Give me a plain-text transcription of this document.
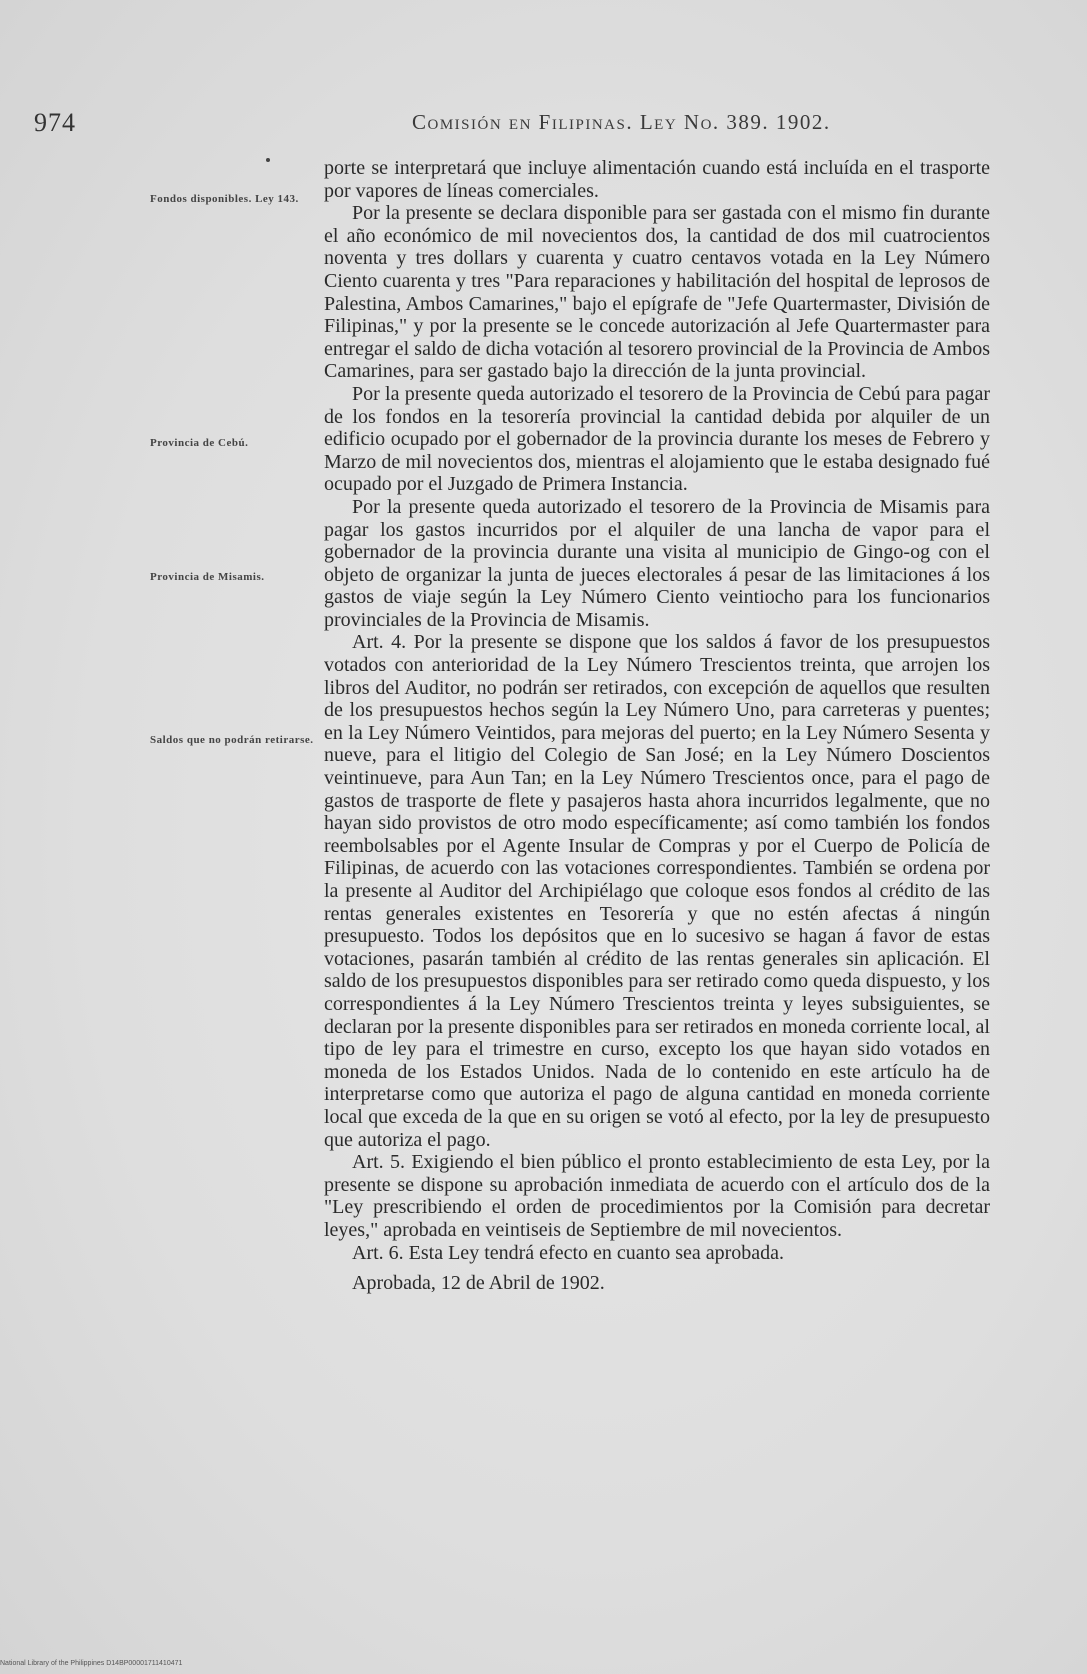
974	Comisión en Filipinas. Ley No. 389. 1902.
Fondos disponibles. Ley 143.
Provincia de Cebú.
Provincia de Misamis.
Saldos que no podrán retirarse.

porte se interpretará que incluye alimentación cuando está incluída en el trasporte por vapores de líneas comerciales.

Por la presente se declara disponible para ser gastada con el mismo fin durante el año económico de mil novecientos dos, la cantidad de dos mil cuatrocientos noventa y tres dollars y cuarenta y cuatro centavos votada en la Ley Número Ciento cuarenta y tres "Para reparaciones y habilitación del hospital de leprosos de Palestina, Ambos Camarines," bajo el epígrafe de "Jefe Quartermaster, División de Filipinas," y por la presente se le concede autorización al Jefe Quartermaster para entregar el saldo de dicha votación al tesorero provincial de la Provincia de Ambos Camarines, para ser gastado bajo la dirección de la junta provincial.

Por la presente queda autorizado el tesorero de la Provincia de Cebú para pagar de los fondos en la tesorería provincial la cantidad debida por alquiler de un edificio ocupado por el gobernador de la provincia durante los meses de Febrero y Marzo de mil novecientos dos, mientras el alojamiento que le estaba designado fué ocupado por el Juzgado de Primera Instancia.

Por la presente queda autorizado el tesorero de la Provincia de Misamis para pagar los gastos incurridos por el alquiler de una lancha de vapor para el gobernador de la provincia durante una visita al municipio de Gingo-og con el objeto de organizar la junta de jueces electorales á pesar de las limitaciones á los gastos de viaje según la Ley Número Ciento veintiocho para los funcionarios provinciales de la Provincia de Misamis.

Art. 4. Por la presente se dispone que los saldos á favor de los presupuestos votados con anterioridad de la Ley Número Trescientos treinta, que arrojen los libros del Auditor, no podrán ser retirados, con excepción de aquellos que resulten de los presupuestos hechos según la Ley Número Uno, para carreteras y puentes; en la Ley Número Veintidos, para mejoras del puerto; en la Ley Número Sesenta y nueve, para el litigio del Colegio de San José; en la Ley Número Doscientos veintinueve, para Aun Tan; en la Ley Número Trescientos once, para el pago de gastos de trasporte de flete y pasajeros hasta ahora incurridos legalmente, que no hayan sido provistos de otro modo específicamente; así como también los fondos reembolsables por el Agente Insular de Compras y por el Cuerpo de Policía de Filipinas, de acuerdo con las votaciones correspondientes. También se ordena por la presente al Auditor del Archipiélago que coloque esos fondos al crédito de las rentas generales existentes en Tesorería y que no estén afectas á ningún presupuesto. Todos los depósitos que en lo sucesivo se hagan á favor de estas votaciones, pasarán también al crédito de las rentas generales sin aplicación. El saldo de los presupuestos disponibles para ser retirado como queda dispuesto, y los correspondientes á la Ley Número Trescientos treinta y leyes subsiguientes, se declaran por la presente disponibles para ser retirados en moneda corriente local, al tipo de ley para el trimestre en curso, excepto los que hayan sido votados en moneda de los Estados Unidos. Nada de lo contenido en este artículo ha de interpretarse como que autoriza el pago de alguna cantidad en moneda corriente local que exceda de la que en su origen se votó al efecto, por la ley de presupuesto que autoriza el pago.

Art. 5. Exigiendo el bien público el pronto establecimiento de esta Ley, por la presente se dispone su aprobación inmediata de acuerdo con el artículo dos de la "Ley prescribiendo el orden de procedimientos por la Comisión para decretar leyes," aprobada en veintiseis de Septiembre de mil novecientos.

Art. 6. Esta Ley tendrá efecto en cuanto sea aprobada.

Aprobada, 12 de Abril de 1902.

National Library of the Philippines D14BP00001711410471
